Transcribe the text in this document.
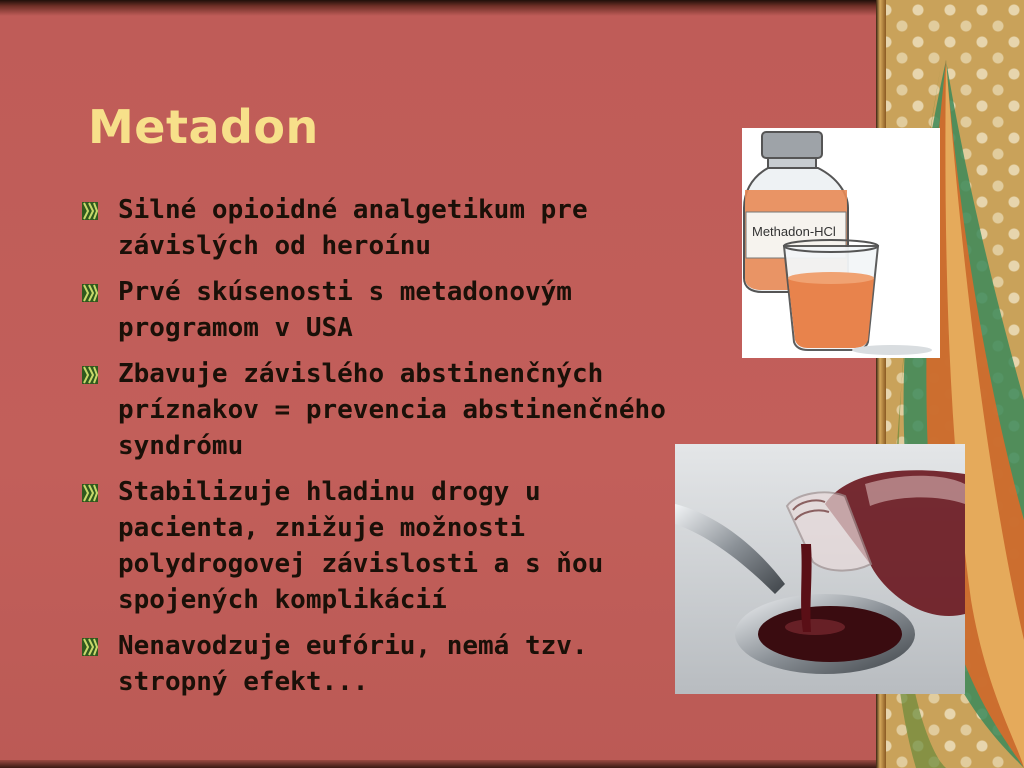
Metadon
Silné opioidné analgetikum pre závislých od heroínu
Prvé skúsenosti s metadonovým programom v USA
Zbavuje závislého abstinenčných príznakov = prevencia abstinenčného syndrómu
Stabilizuje hladinu drogy u pacienta, znižuje možnosti polydrogovej závislosti a s ňou spojených komplikácií
Nenavodzuje eufóriu, nemá tzv. stropný efekt...
Methadon-HCl
